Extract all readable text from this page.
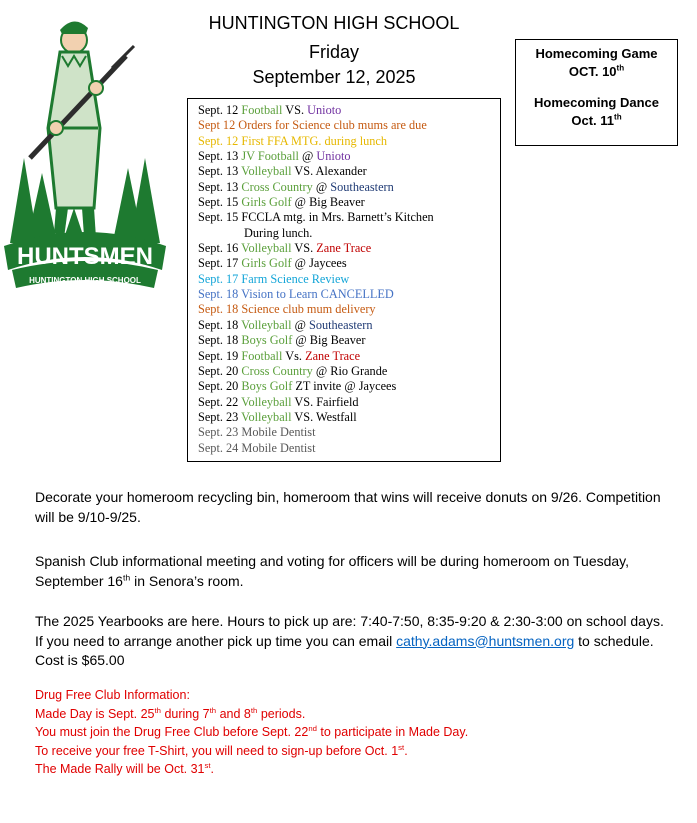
HUNTSMEN
HUNTINGTON HIGH SCHOOL
HUNTINGTON HIGH SCHOOL
Friday
September 12, 2025

Homecoming Game

OCT. 10th

Homecoming Dance

Oct. 11th

Sept. 12 Football VS. Unioto
Sept 12 Orders for Science club mums are due
Sept. 12 First FFA MTG. during lunch
Sept. 13 JV Football @ Unioto
Sept. 13 Volleyball VS. Alexander
Sept. 13 Cross Country @ Southeastern
Sept. 15 Girls Golf @ Big Beaver
Sept. 15 FCCLA mtg. in Mrs. Barnett’s Kitchen
During lunch.
Sept. 16 Volleyball VS. Zane Trace
Sept. 17 Girls Golf @ Jaycees
Sept. 17 Farm Science Review
Sept. 18 Vision to Learn CANCELLED
Sept. 18 Science club mum delivery
Sept. 18 Volleyball @ Southeastern
Sept. 18 Boys Golf @ Big Beaver
Sept. 19 Football Vs. Zane Trace
Sept. 20 Cross Country @ Rio Grande
Sept. 20 Boys Golf ZT invite @ Jaycees
Sept. 22 Volleyball VS. Fairfield
Sept. 23 Volleyball VS. Westfall
Sept. 23 Mobile Dentist
Sept. 24 Mobile Dentist
Decorate your homeroom recycling bin, homeroom that wins will receive donuts on 9/26. Competition will be 9/10-9/25.
Spanish Club informational meeting and voting for officers will be during homeroom on Tuesday, September 16th in Senora’s room.
The 2025 Yearbooks are here. Hours to pick up are: 7:40-7:50, 8:35-9:20 & 2:30-3:00 on school days. If you need to arrange another pick up time you can email cathy.adams@huntsmen.org to schedule. Cost is $65.00

Drug Free Club Information:

Made Day is Sept. 25th during 7th and 8th periods.

You must join the Drug Free Club before Sept. 22nd to participate in Made Day.

To receive your free T-Shirt, you will need to sign-up before Oct. 1st.

The Made Rally will be Oct. 31st.
